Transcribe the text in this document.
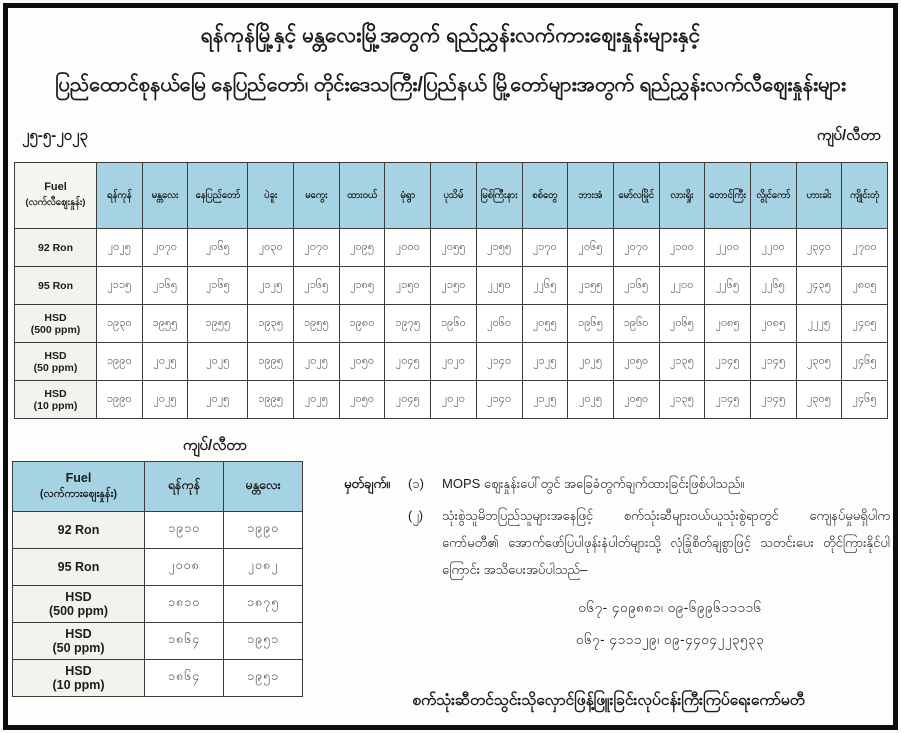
ရန်ကုန်မြို့နှင့် မန္တလေးမြို့အတွက် ရည်ညွှန်းလက်ကားဈေးနှုန်းများနှင့်
ပြည်ထောင်စုနယ်မြေ နေပြည်တော်၊ တိုင်းဒေသကြီး/ပြည်နယ် မြို့တော်များအတွက် ရည်ညွှန်းလက်လီဈေးနှုန်းများ
၂၅-၅-၂၀၂၃	ကျပ်/လီတာ
Fuel
(လက်လီဈေးနှုန်း)	ရန်ကုန်	မန္တလေး	နေပြည်တော်	ပဲခူး	မကွေး	ထားဝယ်	မုံရွာ	ပုသိမ်	မြစ်ကြီးနား	စစ်တွေ	ဘားအံ	မော်လမြိုင်	လားရှိုး	တောင်ကြီး	လွိုင်ကော်	ဟားခါး	ကျိုင်းတုံ

92 Ron	၂၀၂၅	၂၀၇၀	၂၀၆၅	၂၀၃၀	၂၀၇၀	၂၀၉၅	၂၀၀၀	၂၀၅၅	၂၁၅၅	၂၁၇၀	၂၀၆၅	၂၀၇၀	၂၁၀၀	၂၂၀၀	၂၂၀၀	၂၃၄၀	၂၇၀၀

95 Ron	၂၁၁၅	၂၁၆၅	၂၁၆၅	၂၁၂၅	၂၁၆၅	၂၁၈၅	၂၁၅၀	၂၁၅၀	၂၂၅၀	၂၂၆၅	၂၁၅၅	၂၁၆၅	၂၂၀၀	၂၂၆၅	၂၂၆၅	၂၄၃၅	၂၈၀၅

HSD
(500 ppm)	၁၉၃၀	၁၉၅၅	၁၉၅၅	၁၉၃၅	၁၉၅၅	၁၉၈၀	၁၉၇၅	၁၉၆၀	၂၀၆၀	၂၀၅၅	၁၉၆၅	၁၉၆၀	၂၀၆၅	၂၀၈၅	၂၀၈၅	၂၂၂၅	၂၄၀၅

HSD
(50 ppm)	၁၉၉၀	၂၀၂၅	၂၀၂၅	၁၉၉၅	၂၀၂၅	၂၀၅၀	၂၀၄၅	၂၀၂၀	၂၁၄၀	၂၁၂၅	၂၀၂၅	၂၀၅၀	၂၁၃၅	၂၁၄၅	၂၁၄၅	၂၃၀၅	၂၄၆၅

HSD
(10 ppm)	၁၉၉၀	၂၀၂၅	၂၀၂၅	၁၉၉၅	၂၀၂၅	၂၀၅၀	၂၀၄၅	၂၀၂၀	၂၁၄၀	၂၁၂၅	၂၀၂၅	၂၀၅၀	၂၁၃၅	၂၁၄၅	၂၁၄၅	၂၃၀၅	၂၄၆၅
ကျပ်/လီတာ
Fuel
(လက်ကားဈေးနှုန်း)	ရန်ကုန်	မန္တလေး

92 Ron	၁၉၁၀	၁၉၉၀

95 Ron	၂၀၀၈	၂၀၈၂

HSD
(500 ppm)	၁၈၁၀	၁၈၇၅

HSD
(50 ppm)	၁၈၆၄	၁၉၅၁

HSD
(10 ppm)	၁၈၆၄	၁၉၅၁
မှတ်ချက်။	(၁)	MOPS ဈေးနှုန်းပေါ်တွင် အခြေခံတွက်ချက်ထားခြင်းဖြစ်ပါသည်။
(၂)	သုံးစွဲသူမိဘပြည်သူများအနေဖြင့် စက်သုံးဆီများဝယ်ယူသုံးစွဲရာတွင် ကျေနပ်မှုမရှိပါက ကော်မတီ၏ အောက်ဖော်ပြပါဖုန်းနံပါတ်များသို့ လုံခြုံစိတ်ချစွာဖြင့် သတင်းပေး တိုင်ကြားနိုင်ပါကြောင်း အသိပေးအပ်ပါသည်–
၀၆၇- ၄၀၉၈၈၁၊ ၀၉-၆၉၉၆၁၁၁၁၆
၀၆၇- ၄၁၁၁၂၉၊ ၀၉-၄၄၀၄၂၂၃၅၃၃
စက်သုံးဆီတင်သွင်းသိုလှောင်ဖြန့်ဖြူးခြင်းလုပ်ငန်းကြီးကြပ်ရေးကော်မတီ
